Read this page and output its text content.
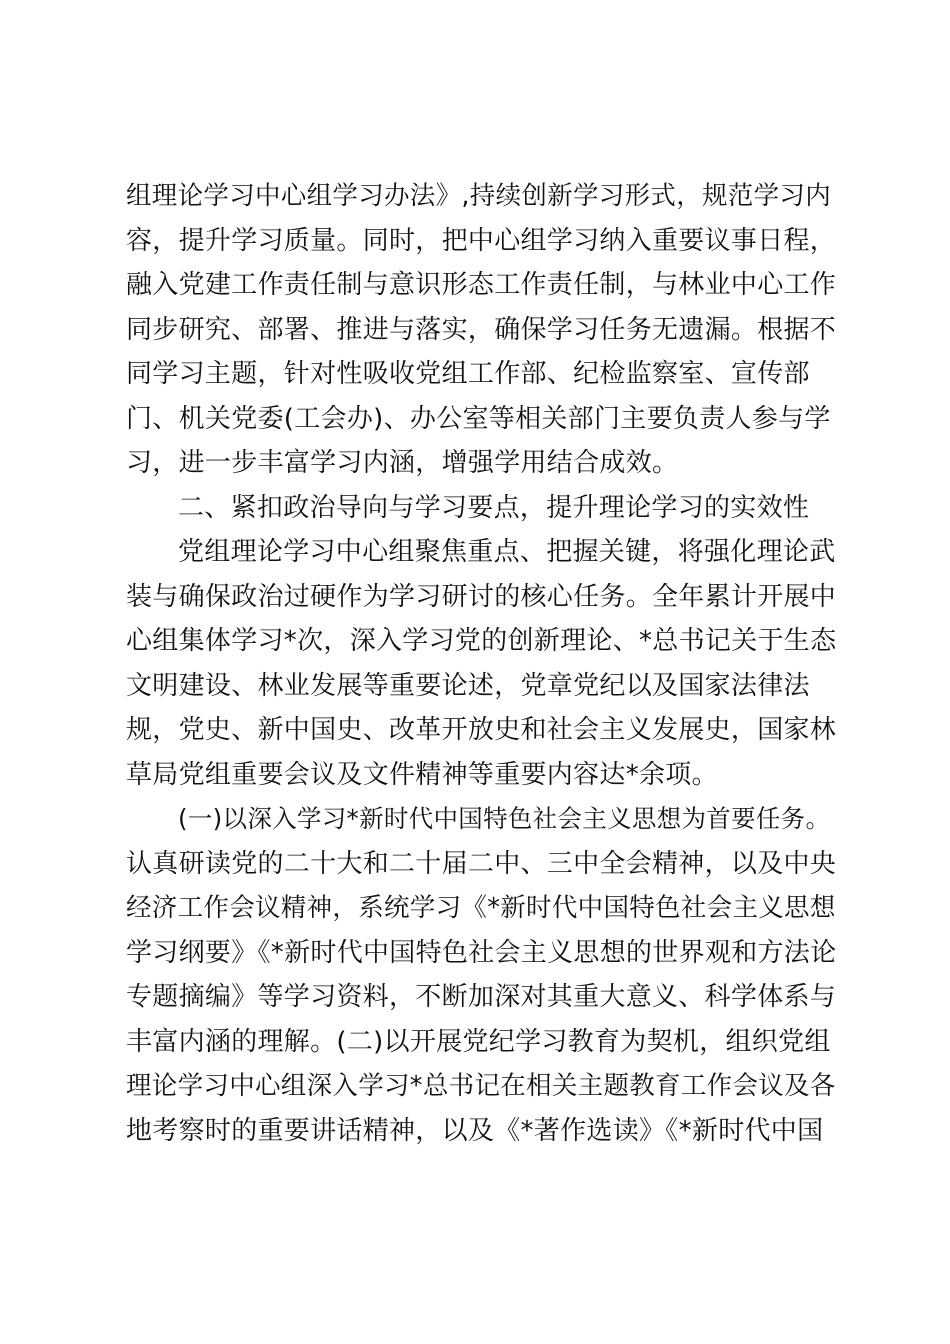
组理论学习中心组学习办法》,持续创新学习形式，规范学习内
容，提升学习质量。同时，把中心组学习纳入重要议事日程，
融入党建工作责任制与意识形态工作责任制，与林业中心工作
同步研究、部署、推进与落实，确保学习任务无遗漏。根据不
同学习主题，针对性吸收党组工作部、纪检监察室、宣传部
门、机关党委(工会办)、办公室等相关部门主要负责人参与学
习，进一步丰富学习内涵，增强学用结合成效。
二、紧扣政治导向与学习要点，提升理论学习的实效性
党组理论学习中心组聚焦重点、把握关键，将强化理论武
装与确保政治过硬作为学习研讨的核心任务。全年累计开展中
心组集体学习*次，深入学习党的创新理论、*总书记关于生态
文明建设、林业发展等重要论述，党章党纪以及国家法律法
规，党史、新中国史、改革开放史和社会主义发展史，国家林
草局党组重要会议及文件精神等重要内容达*余项。
(一)以深入学习*新时代中国特色社会主义思想为首要任务。
认真研读党的二十大和二十届二中、三中全会精神，以及中央
经济工作会议精神，系统学习《*新时代中国特色社会主义思想
学习纲要》《*新时代中国特色社会主义思想的世界观和方法论
专题摘编》等学习资料，不断加深对其重大意义、科学体系与
丰富内涵的理解。(二)以开展党纪学习教育为契机，组织党组
理论学习中心组深入学习*总书记在相关主题教育工作会议及各
地考察时的重要讲话精神，以及《*著作选读》《*新时代中国
